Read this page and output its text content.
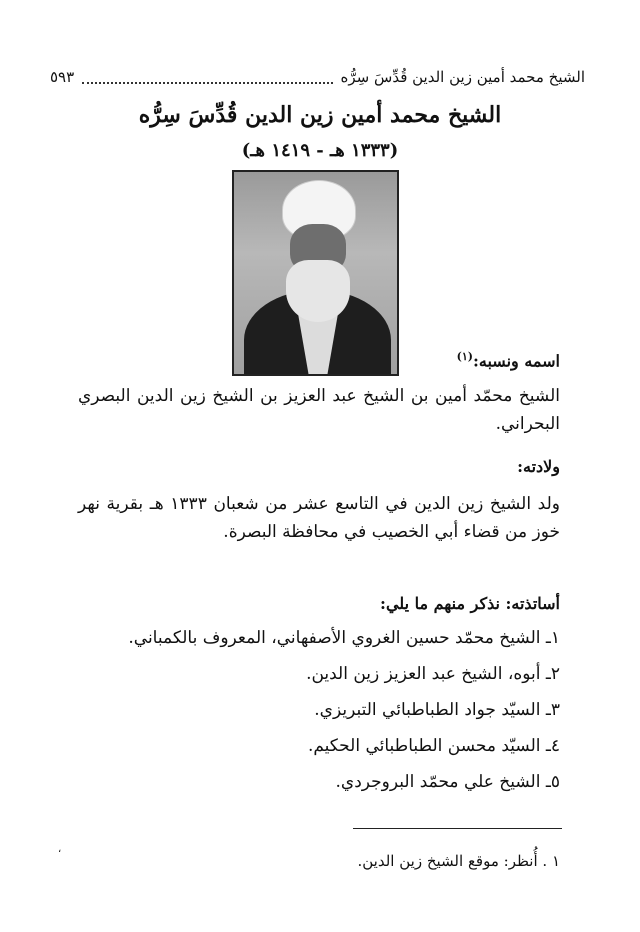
٥٩٣	الشيخ محمد أمين زين الدين قُدِّسَ سِرُّه
الشيخ محمد أمين زين الدين قُدِّسَ سِرُّه
(١٣٣٣ هـ - ١٤١٩ هـ)
اسمه ونسبه:$^{(١)}$
الشيخ محمّد أمين بن الشيخ عبد العزيز بن الشيخ زين الدين البصري البحراني.
ولادته:
ولد الشيخ زين الدين في التاسع عشر من شعبان ١٣٣٣ هـ بقرية نهر خوز من قضاء أبي الخصيب في محافظة البصرة.
أساتذته: نذكر منهم ما يلي:
١ـ الشيخ محمّد حسين الغروي الأصفهاني، المعروف بالكمباني.
٢ـ أبوه، الشيخ عبد العزيز زين الدين.
٣ـ السيّد جواد الطباطبائي التبريزي.
٤ـ السيّد محسن الطباطبائي الحكيم.
٥ـ الشيخ علي محمّد البروجردي.
،
١ . أُنظر: موقع الشيخ زين الدين.
